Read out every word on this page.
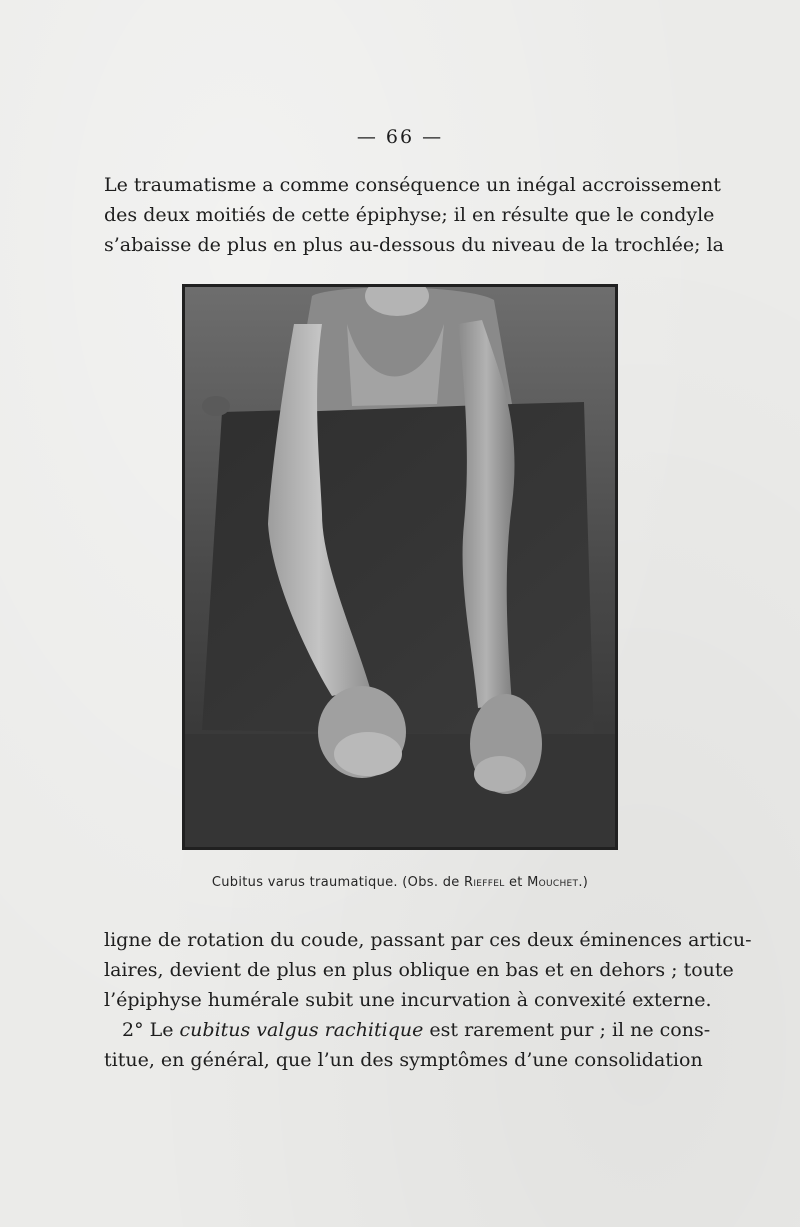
— 66 —
Le traumatisme a comme conséquence un inégal accroissement
des deux moitiés de cette épiphyse; il en résulte que le condyle
s’abaisse de plus en plus au-dessous du niveau de la trochlée; la
Cubitus varus traumatique. (Obs. de Rieffel et Mouchet.)
ligne de rotation du coude, passant par ces deux éminences articu-
laires, devient de plus en plus oblique en bas et en dehors ; toute
l’épiphyse humérale subit une incurvation à convexité externe.
2° Le cubitus valgus rachitique est rarement pur ; il ne cons-
titue, en général, que l’un des symptômes d’une consolidation
